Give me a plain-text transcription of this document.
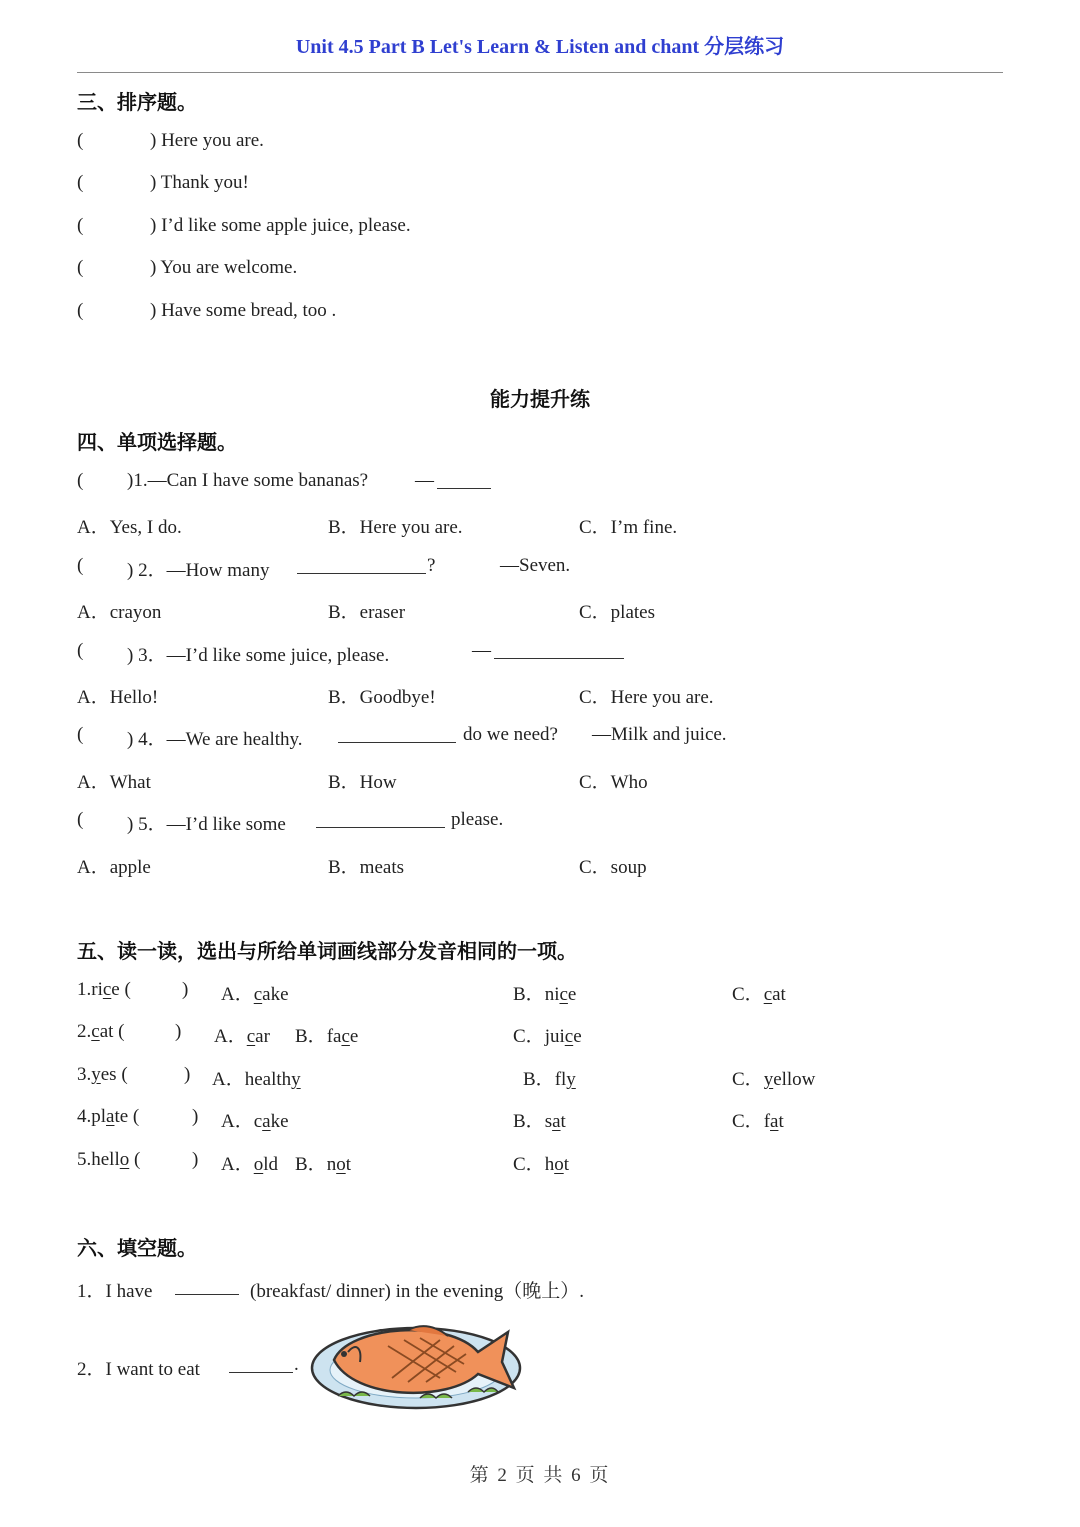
Unit 4.5 Part B Let's Learn & Listen and chant 分层练习
三、排序题。
(	) Here you are.
(	) Thank you!
(	) I’d like some apple juice, please.
(	) You are welcome.
(	) Have some bread, too .
能力提升练
四、单项选择题。
( )1.—Can I have some bananas? —
A．Yes, I do.	B．Here you are.	C．I’m fine.
( ) 2．—How many	?	—Seven.
A．crayon	B．eraser	C．plates
( ) 3．—I’d like some juice, please.	—
A．Hello!	B．Goodbye!	C．Here you are.
( ) 4．—We are healthy.	do we need? —Milk and juice.
A．What	B．How	C．Who
( ) 5．—I’d like some	please.
A．apple	B．meats	C．soup
五、读一读，选出与所给单词画线部分发音相同的一项。
1.rice (	) A．cake	B．nice	C．cat
2.cat (	) A．car B．face	C．juice
3.yes (	) A．healthy	B．fly	C．yellow
4.plate (	) A．cake	B．sat	C．fat
5.hello (	) A．old B．not	C．hot
六、填空题。
1．I have	(breakfast/ dinner) in the evening（晚上）.
2．I want to eat	.
第 2 页 共 6 页
